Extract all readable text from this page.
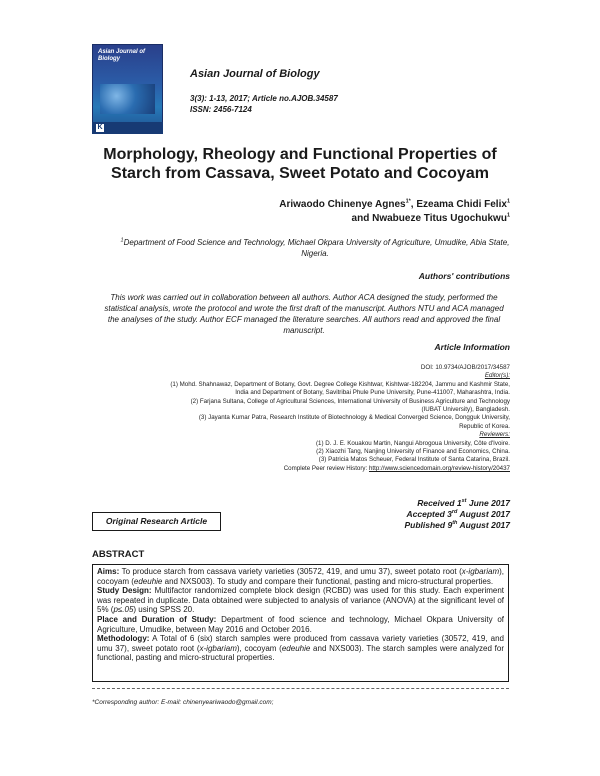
Asian Journal of Biology
K
Asian Journal of Biology
3(3): 1-13, 2017; Article no.AJOB.34587
ISSN: 2456-7124
Morphology, Rheology and Functional Properties of
Starch from Cassava, Sweet Potato and Cocoyam
Ariwaodo Chinenye Agnes$^{1*}$, Ezeama Chidi Felix$^1$
and Nwabueze Titus Ugochukwu$^1$
$^1$Department of Food Science and Technology, Michael Okpara University of Agriculture, Umudike, Abia State, Nigeria.
Authors' contributions
This work was carried out in collaboration between all authors. Author ACA designed the study, performed the statistical analysis, wrote the protocol and wrote the first draft of the manuscript. Authors NTU and ACA managed the analyses of the study. Author ECF managed the literature searches. All authors read and approved the final manuscript.
Article Information
DOI: 10.9734/AJOB/2017/34587
Editor(s):
(1) Mohd. Shahnawaz, Department of Botany, Govt. Degree College Kishtwar, Kishtwar-182204, Jammu and Kashmir State,
India and Department of Botany, Savitribai Phule Pune University, Pune-411007, Maharashtra, India.
(2) Farjana Sultana, College of Agricultural Sciences, International University of Business Agriculture and Technology
(IUBAT University), Bangladesh.
(3) Jayanta Kumar Patra, Research Institute of Biotechnology & Medical Converged Science, Dongguk University,
Republic of Korea.
Reviewers:
(1) D. J. E. Kouakou Martin, Nangui Abrogoua University, Côte d'Ivoire.
(2) Xiaozhi Tang, Nanjing University of Finance and Economics, China.
(3) Patricia Matos Scheuer, Federal Institute of Santa Catarina, Brazil.
Complete Peer review History: http://www.sciencedomain.org/review-history/20437
Original Research Article
Received 1st June 2017
Accepted 3rd August 2017
Published 9th August 2017
ABSTRACT

Aims: To produce starch from cassava variety varieties (30572, 419, and umu 37), sweet potato root (x-igbariam), cocoyam (edeuhie and NXS003). To study and compare their functional, pasting and micro-structural properties.

Study Design: Multifactor randomized complete block design (RCBD) was used for this study. Each experiment was repeated in duplicate. Data obtained were subjected to analysis of variance (ANOVA) at the significant level of 5% (p≤.05) using SPSS 20.

Place and Duration of Study: Department of food science and technology, Michael Okpara University of Agriculture, Umudike, between May 2016 and October 2016.

Methodology: A Total of 6 (six) starch samples were produced from cassava variety varieties (30572, 419, and umu 37), sweet potato root (x-igbariam), cocoyam (edeuhie and NXS003). The starch samples were analyzed for functional, pasting and micro-structural properties.

*Corresponding author: E-mail: chinenyeariwaodo@gmail.com;
